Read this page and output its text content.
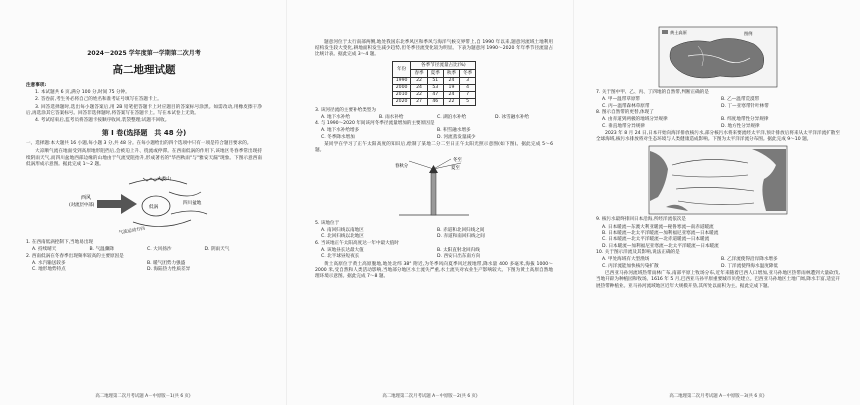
2024－2025 学年度第一学期第二次月考
高二地理试题
注意事项:
1. 本试题共 6 页,满分 100 分,时间 75 分钟。
2. 答卷前,考生务必将自己的姓名和准考证号填写在答题卡上。
3. 回答选择题时,选出每小题答案后,用 2B 铅笔把答题卡上对应题目的答案标号涂黑。如需改动,用橡皮擦干净后,再选涂其它答案标号。回答非选择题时,将答案写在答题卡上。写在本试卷上无效。
4. 考试结束后,监考员将答题卡按顺序收回,装袋整理;试题不回收。
第 Ⅰ 卷(选择题　共 48 分)
一、选择题:本大题共 16 小题,每小题 3 分,共 48 分。在每小题给出的四个选项中只有一项是符合题目要求的。
大凉顺气流在地面受到高原地形阻挡后,会被迫上升、绕流或停滞。在西南低涡的作用下,该地区冬春季常出现持续阴雨天气,而四川盆地西部边缘的山地由于气流受阻抬升,形成著名的"华西秋雨"与"雅安天漏"现象。下图示意西南低涡形成示意图。据此完成 1～2 题。
西风
(对流层中部)
大娄山
低涡
四川盆地
气流运动方向
1. 在西南低涡控制下,当地易出现
A. 持续晴天	B. 气温骤降	C. 大风扬沙	D. 阴雨天气
2. 西南低涡在冬春季出现频率较高的主要原因是
A. 水汽输送较多	B. 暖气团势力强盛
C. 地形地势特点	D. 海陆热力性质差异
高二地理第二次月考试题 A－中原版－1(共 6 页)
题意河位于太行南部两侧,地处我国东北季风区和季风与海洋气候交界带上,自 1990 年以来,题意河流域土地利用结构发生较大变化,耕地面积发生减少趋势,但冬季径流变化较为明显。下表为题意河 1990～2020 年年季节径流量占比统计表。据此完成 3～4 题。
年份	各季节径流量占比(%)			
	春季	夏季	秋季	冬季
1990	22	51	24	3
2000	24	53	19	4
2010	22	47	24	7
2020	27	46	22	5
3. 该河径流的主要补给类型为
A. 地下水补给	B. 雨水补给	C. 湖泊水补给	D. 冰雪融水补给
4. 与 1990～2020 年间该河冬季径流量增加的主要原因是
A. 地下水补给增多	B. 积雪融水增多
C. 冬季降水增加	D. 河流蒸发量减少
某同学在学习了正午太阳高度的知识后,绘制了某地二分二至日正午太阳光照示意图(如下图)。据此完成 5～6 题。
春秋分	夏至
冬至
5. 该地位于
A. 南回归线以南地区	B. 赤道和北回归线之间
C. 北回归线以北地区	D. 赤道和南回归线之间
6. 当该地正午太阳高度达一年中最大值时
A. 该地昼长达最大值	B. 太阳直射北回归线
C. 北半球昼短夜长	D. 西安日出东南方向
黄土高原位于黄土高原腹地,地处北纬 38° 附近,为冬季风向夏季风过渡地带,降水量 400 多毫米,海拔 1000～2000 米,受自然和人类活动影响,当地部分地区水土流失严重,水土流失对农业生产影响较大。下图为黄土高原自然地理环境示意图。据此完成 7～8 题。
高二地理第二次月考试题 A－中原版－2(共 6 页)
黄土高原	图例
7. 关于图中甲、乙、丙、丁四地的自然带,判断正确的是
A. 甲—温带草原带	B. 乙—温带荒漠带
C. 丙—温带森林草原带	D. 丁—亚寒带针叶林带
8. 图示自然带的更替,体现了
A. 由赤道到两极的地域分异规律	B. 纬度地带性分异规律
C. 垂直地带分异规律	D. 地方性分异规律
2023 年 8 月 24 日,日本开始向海洋排放核污水,部分核污水将来要流经太平洋,预计排放后将来从太平洋洋流扩散至全球海域,核污水排放将对生态环境与人类健康造成影响。下图为太平洋洋流分布图。据此完成 9～10 题。
9. 核污水最终排回日本沿海,所经洋流依次是
A. 日本暖流—东澳大利亚暖流—秘鲁寒流—南赤道暖流
B. 日本暖流—北太平洋暖流—加利福尼亚寒流—日本暖流
C. 日本暖流—北太平洋暖流—北赤道暖流—日本暖流
D. 日本暖流—加利福尼亚寒流—北太平洋暖流—日本暖流
10. 关于图示洋流及其影响,说法正确的是
A. 甲处海域有大型渔场	B. 乙洋流使得沿岸降水增多
C. 丙洋流能加快核污染扩散	D. 丁洋流使得海水温度降低
巴西亚马孙河流域热带雨林广布,南部平原上牧场分布,近年来随着巴西人口增加,亚马孙地区热带雨林遭到大量砍伐,当地开辟为种植园和牧场。1616 年 5 月,巴西亚马孙平原重要城市贝伦建立。巴西亚马孙地区土地广阔,降水丰富,适宜开展热带种植业。亚马孙河流域地区近年大规模开垦,其所处以面积为主。据此完成下题。
高二地理第二次月考试题 A－中原版－3(共 6 页)
